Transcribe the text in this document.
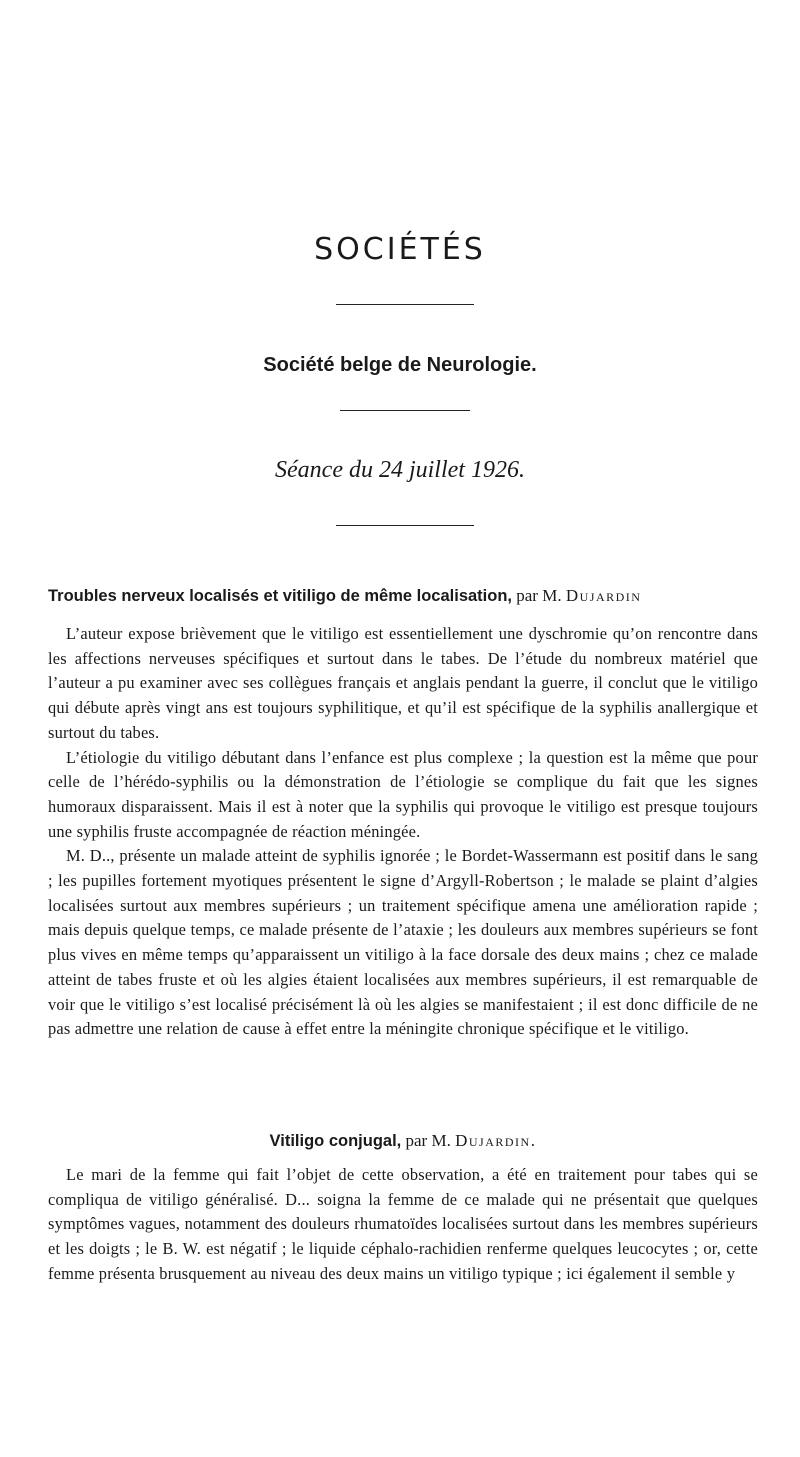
SOCIÉTÉS
Société belge de Neurologie.
Séance du 24 juillet 1926.
Troubles nerveux localisés et vitiligo de même localisation, par M. Dujardin

L’auteur expose brièvement que le vitiligo est essentiellement une dyschromie qu’on rencontre dans les affections nerveuses spécifiques et surtout dans le tabes. De l’étude du nombreux matériel que l’auteur a pu examiner avec ses collègues français et anglais pendant la guerre, il conclut que le vitiligo qui débute après vingt ans est toujours syphilitique, et qu’il est spécifique de la syphilis anallergique et surtout du tabes.

L’étiologie du vitiligo débutant dans l’enfance est plus complexe ; la question est la même que pour celle de l’hérédo-syphilis ou la démonstration de l’étiologie se complique du fait que les signes humoraux disparaissent. Mais il est à noter que la syphilis qui provoque le vitiligo est presque toujours une syphilis fruste accompagnée de réaction méningée.

M. D.., présente un malade atteint de syphilis ignorée ; le Bordet-Wassermann est positif dans le sang ; les pupilles fortement myotiques présentent le signe d’Argyll-Robertson ; le malade se plaint d’algies localisées surtout aux membres supérieurs ; un traitement spécifique amena une amélioration rapide ; mais depuis quelque temps, ce malade présente de l’ataxie ; les douleurs aux membres supérieurs se font plus vives en même temps qu’apparaissent un vitiligo à la face dorsale des deux mains ; chez ce malade atteint de tabes fruste et où les algies étaient localisées aux membres supérieurs, il est remarquable de voir que le vitiligo s’est localisé précisément là où les algies se manifestaient ; il est donc difficile de ne pas admettre une relation de cause à effet entre la méningite chronique spécifique et le vitiligo.

Vitiligo conjugal, par M. Dujardin.

Le mari de la femme qui fait l’objet de cette observation, a été en traitement pour tabes qui se compliqua de vitiligo généralisé. D... soigna la femme de ce malade qui ne présentait que quelques symptômes vagues, notamment des douleurs rhumatoïdes localisées surtout dans les membres supérieurs et les doigts ; le B. W. est négatif ; le liquide céphalo-rachidien renferme quelques leucocytes ; or, cette femme présenta brusquement au niveau des deux mains un vitiligo typique ; ici également il semble y
